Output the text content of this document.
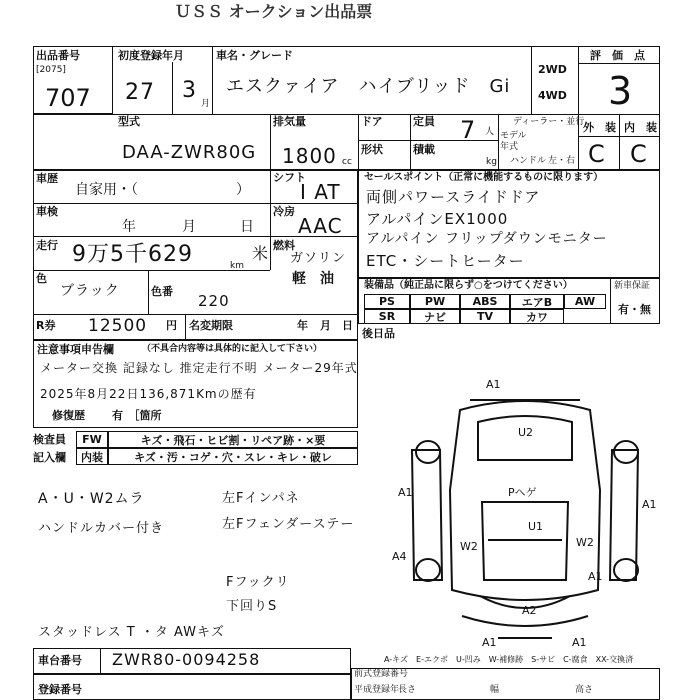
ＵＳＳ オークション出品票
出品番号
[2075]
707
初度登録年月
27 3
月
車名・グレード
エスクァイア　ハイブリッド　Gi
2WD
4WD
評　価　点
3
型式
DAA-ZWR80G
排気量
1800 cc
ドア	定員 7 人
形状	積載
kg
ディーラー・並行
モデル
年式
ハンドル 左・右
外　装 内　装
C C
車歴
自家用・（　　　　　　　）
シフト
I AT
車検
年	月	日
冷房
AAC
走行 9万5千629	km
米 燃料
ガソリン
軽　油
色
ブラック	色番
220
R券 12500 円 名変期限	年 月 日
セールスポイント（正常に機能するものに限ります）
両側パワースライドドア
アルパインEX1000
アルパイン フリップダウンモニター
ETC・シートヒーター
装備品（純正品に限らず○をつけてください）
PS	PW	ABS	エアB	AW
SR	ナビ	TV	カワ
新車保証
有・無
後日品
注意事項申告欄	（不具合内容等は具体的に記入して下さい）
メーター交換 記録なし 推定走行不明 メーター29年式
2025年8月22日136,871Kmの歴有
修復歴 有　［箇所
検査員	FW	キズ・飛石・ヒビ割・リペア跡・×要
記入欄	内装	キズ・汚・コゲ・穴・スレ・キレ・破レ
A・U・W2ムラ
ハンドルカバー付き
スタッドレス T ・タ AWキズ
左Fインパネ
左Fフェンダーステー
Fフックリ
下回りS
A1
U2
A1	Pヘゲ
A1
W2
U1
W2
A4
A1
A2
A1	A1
A-キズ　E-エクボ　U-凹み　W-補修跡　S-サビ　C-腐食　XX-交換済
車台番号 ZWR80-0094258
登録番号
前式登録番号
平成登録年
長さ	幅	高さ
